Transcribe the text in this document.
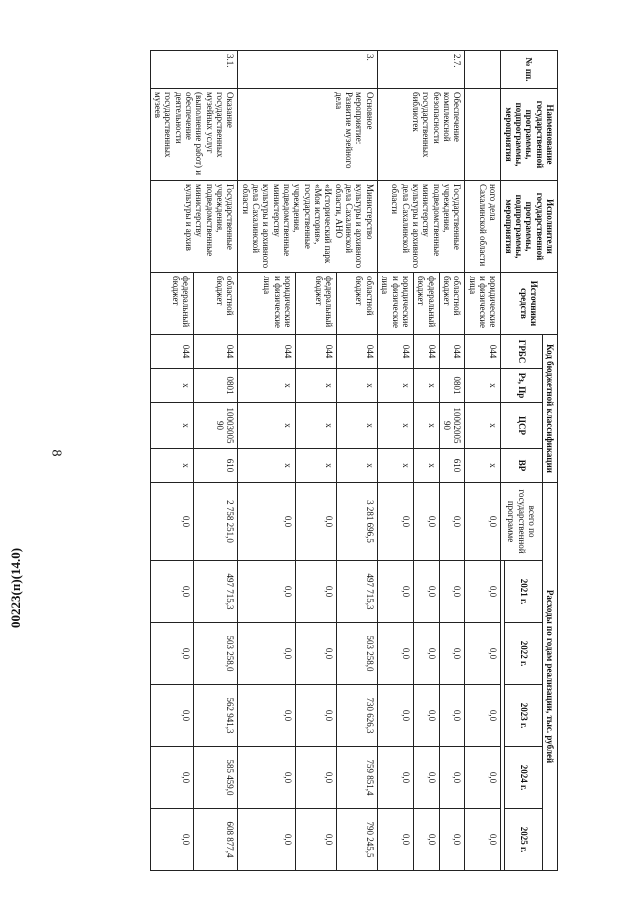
8
№ пп.	Наименование государственной программы, подпрограммы, мероприятия	Исполнители государственной программы, подпрограммы, мероприятия	Источники средств	Код бюджетной классификации				Расходы по годам реализации, тыс. рублей					
				ГРБС	Рз, Пр	ЦСР	ВР	всего по государственной программе	2021 г.	2022 г.	2023 г.	2024 г.	2025 г.

		ного дела Сахалинской области	юридические и физические лица	044	х	х	х	0,0	0,0	0,0	0,0	0,0	0,0
2.7.	Обеспечение комплексной безопасности государственных библиотек	Государственные учреждения, подведомственные министерству культуры и архивного дела Сахалинской области	областной бюджет	044	0801	10002005 90	610	0,0	0,0	0,0	0,0	0,0	0,0
			федеральный бюджет	044	х	х	х	0,0	0,0	0,0	0,0	0,0	0,0
			юридические и физические лица	044	х	х	х	0,0	0,0	0,0	0,0	0,0	0,0
3.	Основное мероприятие: Развитие музейного дела	Министерство культуры и архивного дела Сахалинской области, АНО «Исторический парк «Моя история», государственные учреждения, подведомственные министерству культуры и архивного дела Сахалинской области	областной бюджет	044	х	х	х	3 281 696,5	497 715,3	503 258,0	730 626,3	759 851,4	790 245,5
			федеральный бюджет	044	х	х	х	0,0	0,0	0,0	0,0	0,0	0,0
			юридические и физические лица	044	х	х	х	0,0	0,0	0,0	0,0	0,0	0,0
3.1.	Оказание государственных музейных услуг (выполнение работ) и обеспечение деятельности государственных музеев	Государственные учреждения, подведомственные министерству культуры и архив	областной бюджет	044	0801	10003005 90	610	2 758 251,0	497 715,3	503 258,0	562 941,3	585 459,0	608 877,4
			федеральный бюджет	044	х	х	х	0,0	0,0	0,0	0,0	0,0	0,0
00223(п)(14.0)
